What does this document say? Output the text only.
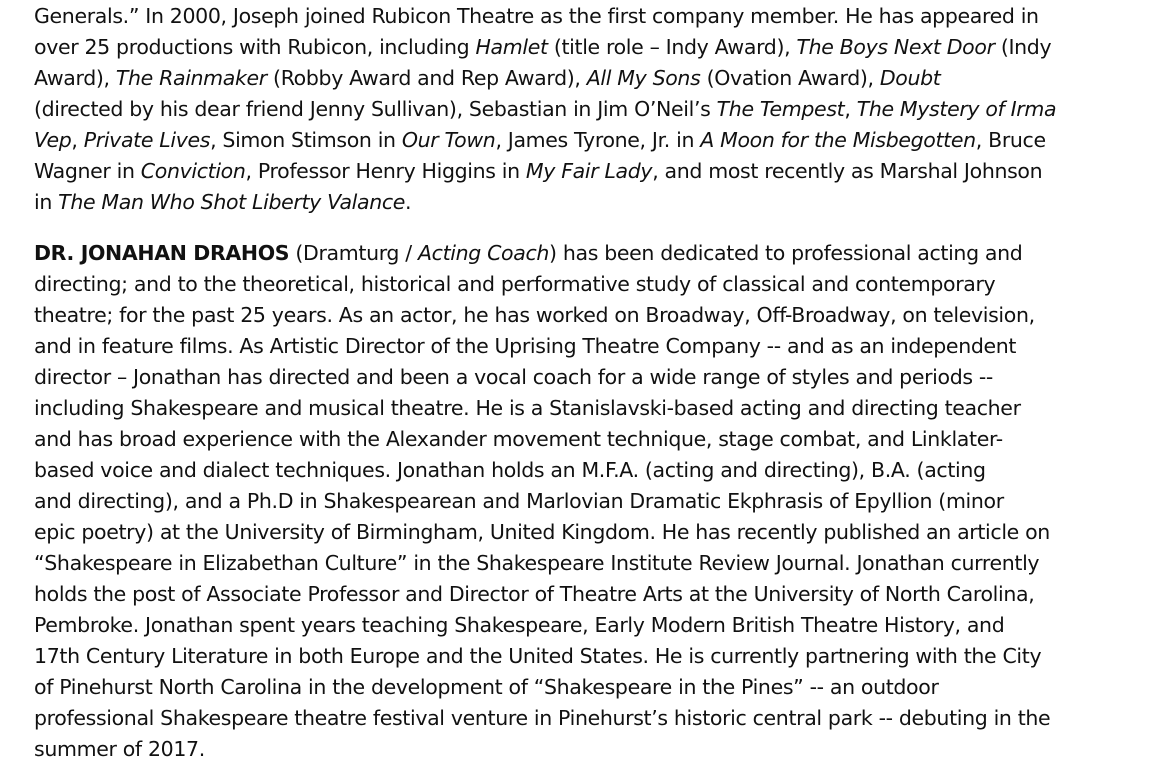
Generals.” In 2000, Joseph joined Rubicon Theatre as the first company member. He has appeared in
over 25 productions with Rubicon, including Hamlet (title role – Indy Award), The Boys Next Door (Indy
Award), The Rainmaker (Robby Award and Rep Award), All My Sons (Ovation Award), Doubt
(directed by his dear friend Jenny Sullivan), Sebastian in Jim O’Neil’s The Tempest, The Mystery of Irma
Vep, Private Lives, Simon Stimson in Our Town, James Tyrone, Jr. in A Moon for the Misbegotten, Bruce
Wagner in Conviction, Professor Henry Higgins in My Fair Lady, and most recently as Marshal Johnson
in The Man Who Shot Liberty Valance.

DR. JONAHAN DRAHOS (Dramturg / Acting Coach) has been dedicated to professional acting and
directing; and to the theoretical, historical and performative study of classical and contemporary
theatre; for the past 25 years. As an actor, he has worked on Broadway, Off-Broadway, on television,
and in feature films. As Artistic Director of the Uprising Theatre Company -- and as an independent
director – Jonathan has directed and been a vocal coach for a wide range of styles and periods --
including Shakespeare and musical theatre. He is a Stanislavski-based acting and directing teacher
and has broad experience with the Alexander movement technique, stage combat, and Linklater-
based voice and dialect techniques. Jonathan holds an M.F.A. (acting and directing), B.A. (acting
and directing), and a Ph.D in Shakespearean and Marlovian Dramatic Ekphrasis of Epyllion (minor
epic poetry) at the University of Birmingham, United Kingdom. He has recently published an article on
“Shakespeare in Elizabethan Culture” in the Shakespeare Institute Review Journal. Jonathan currently
holds the post of Associate Professor and Director of Theatre Arts at the University of North Carolina,
Pembroke. Jonathan spent years teaching Shakespeare, Early Modern British Theatre History, and
17th Century Literature in both Europe and the United States. He is currently partnering with the City
of Pinehurst North Carolina in the development of “Shakespeare in the Pines” -- an outdoor
professional Shakespeare theatre festival venture in Pinehurst’s historic central park -- debuting in the
summer of 2017.
